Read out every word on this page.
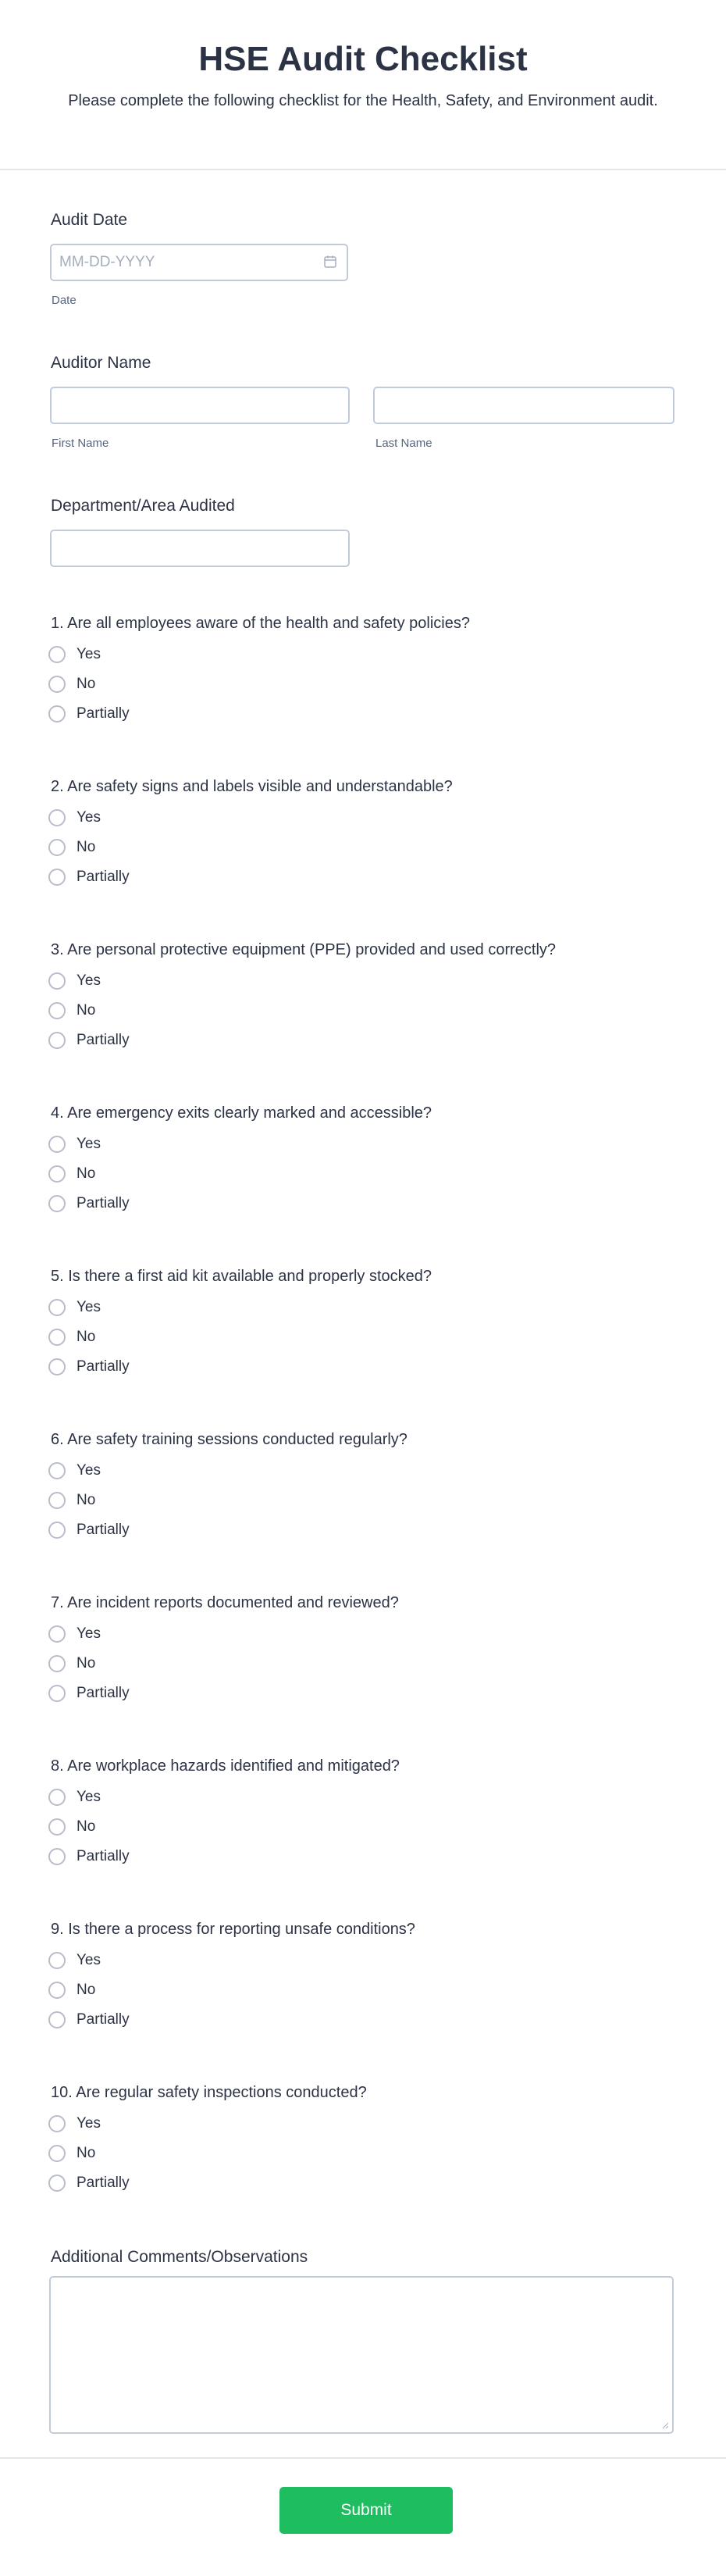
HSE Audit Checklist
Please complete the following checklist for the Health, Safety, and Environment audit.
Audit Date
MM-DD-YYYY
Date
Auditor Name
First Name	Last Name
Department/Area Audited
1. Are all employees aware of the health and safety policies?
Yes
No
Partially
2. Are safety signs and labels visible and understandable?
Yes
No
Partially
3. Are personal protective equipment (PPE) provided and used correctly?
Yes
No
Partially
4. Are emergency exits clearly marked and accessible?
Yes
No
Partially
5. Is there a first aid kit available and properly stocked?
Yes
No
Partially
6. Are safety training sessions conducted regularly?
Yes
No
Partially
7. Are incident reports documented and reviewed?
Yes
No
Partially
8. Are workplace hazards identified and mitigated?
Yes
No
Partially
9. Is there a process for reporting unsafe conditions?
Yes
No
Partially
10. Are regular safety inspections conducted?
Yes
No
Partially
Additional Comments/Observations
Submit
